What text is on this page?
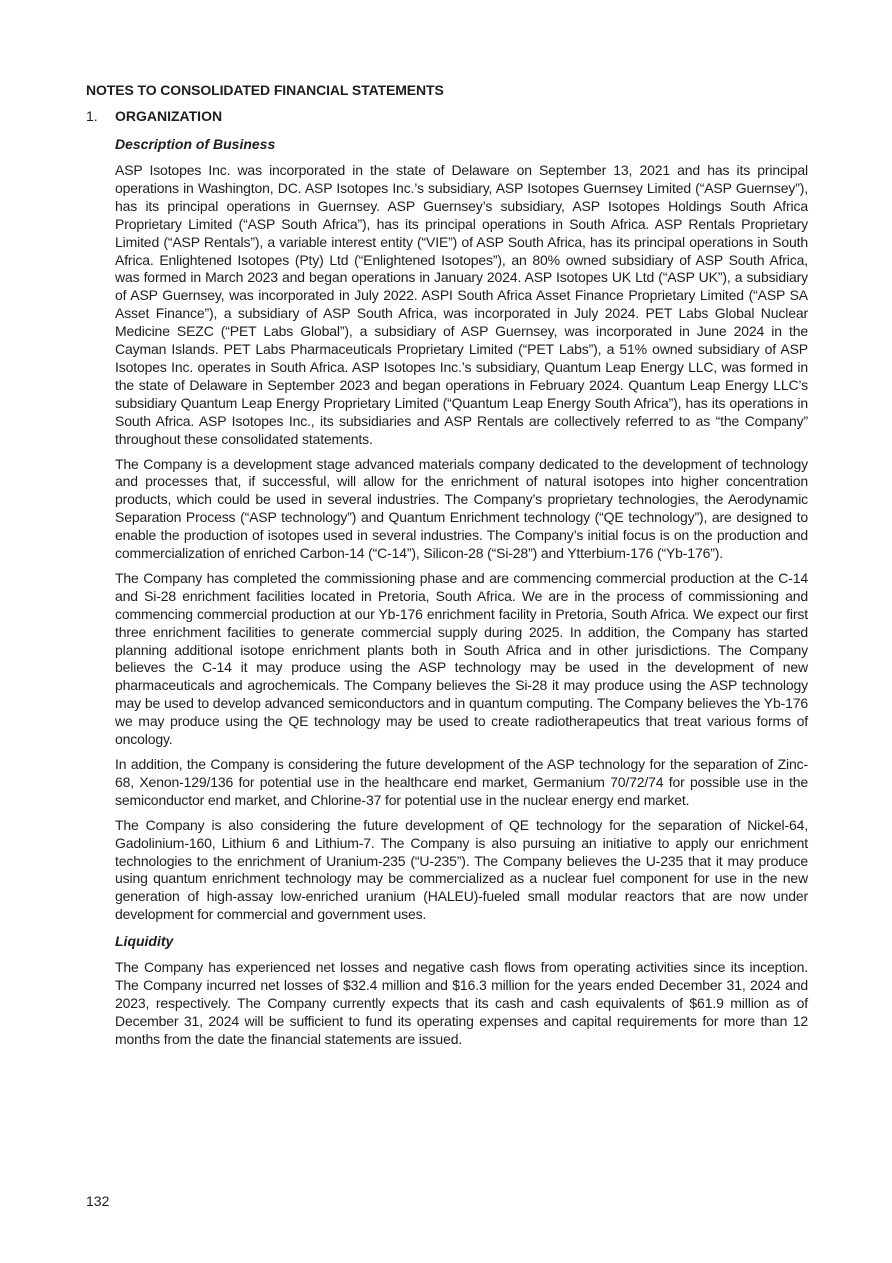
NOTES TO CONSOLIDATED FINANCIAL STATEMENTS
1. ORGANIZATION
Description of Business

ASP Isotopes Inc. was incorporated in the state of Delaware on September 13, 2021 and has its principal operations in Washington, DC. ASP Isotopes Inc.’s subsidiary, ASP Isotopes Guernsey Limited (“ASP Guernsey”), has its principal operations in Guernsey. ASP Guernsey’s subsidiary, ASP Isotopes Holdings South Africa Proprietary Limited (“ASP South Africa”), has its principal operations in South Africa. ASP Rentals Proprietary Limited (“ASP Rentals”), a variable interest entity (“VIE”) of ASP South Africa, has its principal operations in South Africa. Enlightened Isotopes (Pty) Ltd (“Enlightened Isotopes”), an 80% owned subsidiary of ASP South Africa, was formed in March 2023 and began operations in January 2024. ASP Isotopes UK Ltd (“ASP UK”), a subsidiary of ASP Guernsey, was incorporated in July 2022. ASPI South Africa Asset Finance Proprietary Limited (“ASP SA Asset Finance”), a subsidiary of ASP South Africa, was incorporated in July 2024. PET Labs Global Nuclear Medicine SEZC (“PET Labs Global”), a subsidiary of ASP Guernsey, was incorporated in June 2024 in the Cayman Islands. PET Labs Pharmaceuticals Proprietary Limited (“PET Labs”), a 51% owned subsidiary of ASP Isotopes Inc. operates in South Africa. ASP Isotopes Inc.’s subsidiary, Quantum Leap Energy LLC, was formed in the state of Delaware in September 2023 and began operations in February 2024. Quantum Leap Energy LLC’s subsidiary Quantum Leap Energy Proprietary Limited (“Quantum Leap Energy South Africa”), has its operations in South Africa. ASP Isotopes Inc., its subsidiaries and ASP Rentals are collectively referred to as “the Company” throughout these consolidated statements.

The Company is a development stage advanced materials company dedicated to the development of technology and processes that, if successful, will allow for the enrichment of natural isotopes into higher concentration products, which could be used in several industries. The Company’s proprietary technologies, the Aerodynamic Separation Process (“ASP technology”) and Quantum Enrichment technology (“QE technology”), are designed to enable the production of isotopes used in several industries. The Company’s initial focus is on the production and commercialization of enriched Carbon-14 (“C-14”), Silicon-28 (“Si-28”) and Ytterbium-176 (“Yb-176”).

The Company has completed the commissioning phase and are commencing commercial production at the C-14 and Si-28 enrichment facilities located in Pretoria, South Africa. We are in the process of commissioning and commencing commercial production at our Yb-176 enrichment facility in Pretoria, South Africa. We expect our first three enrichment facilities to generate commercial supply during 2025. In addition, the Company has started planning additional isotope enrichment plants both in South Africa and in other jurisdictions. The Company believes the C-14 it may produce using the ASP technology may be used in the development of new pharmaceuticals and agrochemicals. The Company believes the Si-28 it may produce using the ASP technology may be used to develop advanced semiconductors and in quantum computing. The Company believes the Yb-176 we may produce using the QE technology may be used to create radiotherapeutics that treat various forms of oncology.

In addition, the Company is considering the future development of the ASP technology for the separation of Zinc-68, Xenon-129/136 for potential use in the healthcare end market, Germanium 70/72/74 for possible use in the semiconductor end market, and Chlorine-37 for potential use in the nuclear energy end market.

The Company is also considering the future development of QE technology for the separation of Nickel-64, Gadolinium-160, Lithium 6 and Lithium-7. The Company is also pursuing an initiative to apply our enrichment technologies to the enrichment of Uranium-235 (“U-235”). The Company believes the U-235 that it may produce using quantum enrichment technology may be commercialized as a nuclear fuel component for use in the new generation of high-assay low-enriched uranium (HALEU)-fueled small modular reactors that are now under development for commercial and government uses.

Liquidity

The Company has experienced net losses and negative cash flows from operating activities since its inception. The Company incurred net losses of $32.4 million and $16.3 million for the years ended December 31, 2024 and 2023, respectively. The Company currently expects that its cash and cash equivalents of $61.9 million as of December 31, 2024 will be sufficient to fund its operating expenses and capital requirements for more than 12 months from the date the financial statements are issued.

132
